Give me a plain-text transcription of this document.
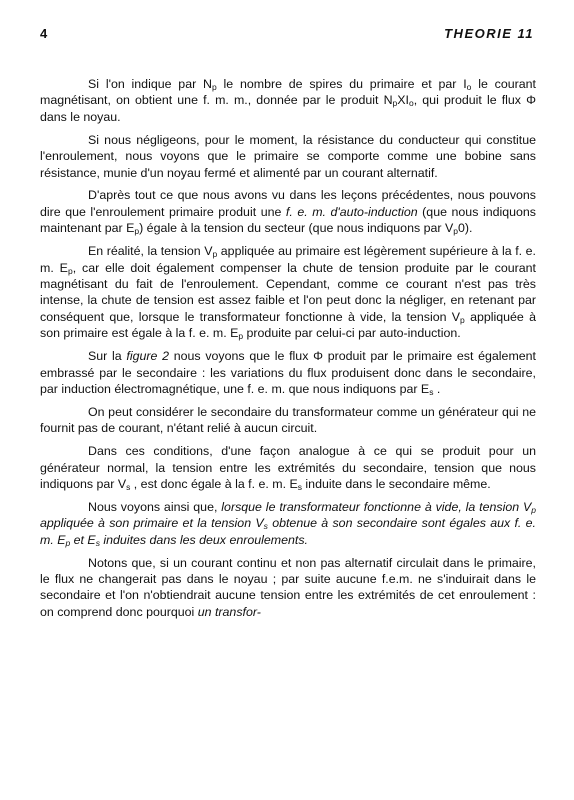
4	THEORIE 11

Si l'on indique par $N_p$ le nombre de spires du primaire et par $I_o$ le courant magnétisant, on obtient une f. m. m., donnée par le produit $N_pXI_o$, qui produit le flux Φ dans le noyau.

Si nous négligeons, pour le moment, la résistance du conducteur qui constitue l'enroulement, nous voyons que le primaire se comporte comme une bobine sans résistance, munie d'un noyau fermé et alimenté par un courant alternatif.

D'après tout ce que nous avons vu dans les leçons précédentes, nous pouvons dire que l'enroulement primaire produit une f. e. m. d'auto-induction (que nous indiquons maintenant par $E_p$) égale à la tension du secteur (que nous indiquons par $V_p0$).

En réalité, la tension $V_p$ appliquée au primaire est légèrement supérieure à la f. e. m. $E_p$, car elle doit également compenser la chute de tension produite par le courant magnétisant du fait de l'enroulement. Cependant, comme ce courant n'est pas très intense, la chute de tension est assez faible et l'on peut donc la négliger, en retenant par conséquent que, lorsque le transformateur fonctionne à vide, la tension $V_p$ appliquée à son primaire est égale à la f. e. m. $E_p$ produite par celui-ci par auto-induction.

Sur la figure 2 nous voyons que le flux Φ produit par le primaire est également embrassé par le secondaire : les variations du flux produisent donc dans le secondaire, par induction électromagnétique, une f. e. m. que nous indiquons par $E_s$ .

On peut considérer le secondaire du transformateur comme un générateur qui ne fournit pas de courant, n'étant relié à aucun circuit.

Dans ces conditions, d'une façon analogue à ce qui se produit pour un générateur normal, la tension entre les extrémités du secondaire, tension que nous indiquons par $V_s$ , est donc égale à la f. e. m. $E_s$ induite dans le secondaire même.

Nous voyons ainsi que, lorsque le transformateur fonctionne à vide, la tension $V_p$ appliquée à son primaire et la tension $V_s$ obtenue à son secondaire sont égales aux f. e. m. $E_p$ et $E_s$ induites dans les deux enroulements.

Notons que, si un courant continu et non pas alternatif circulait dans le primaire, le flux ne changerait pas dans le noyau ; par suite aucune f.e.m. ne s'induirait dans le secondaire et l'on n'obtiendrait aucune tension entre les extrémités de cet enroulement : on comprend donc pourquoi un transfor-
